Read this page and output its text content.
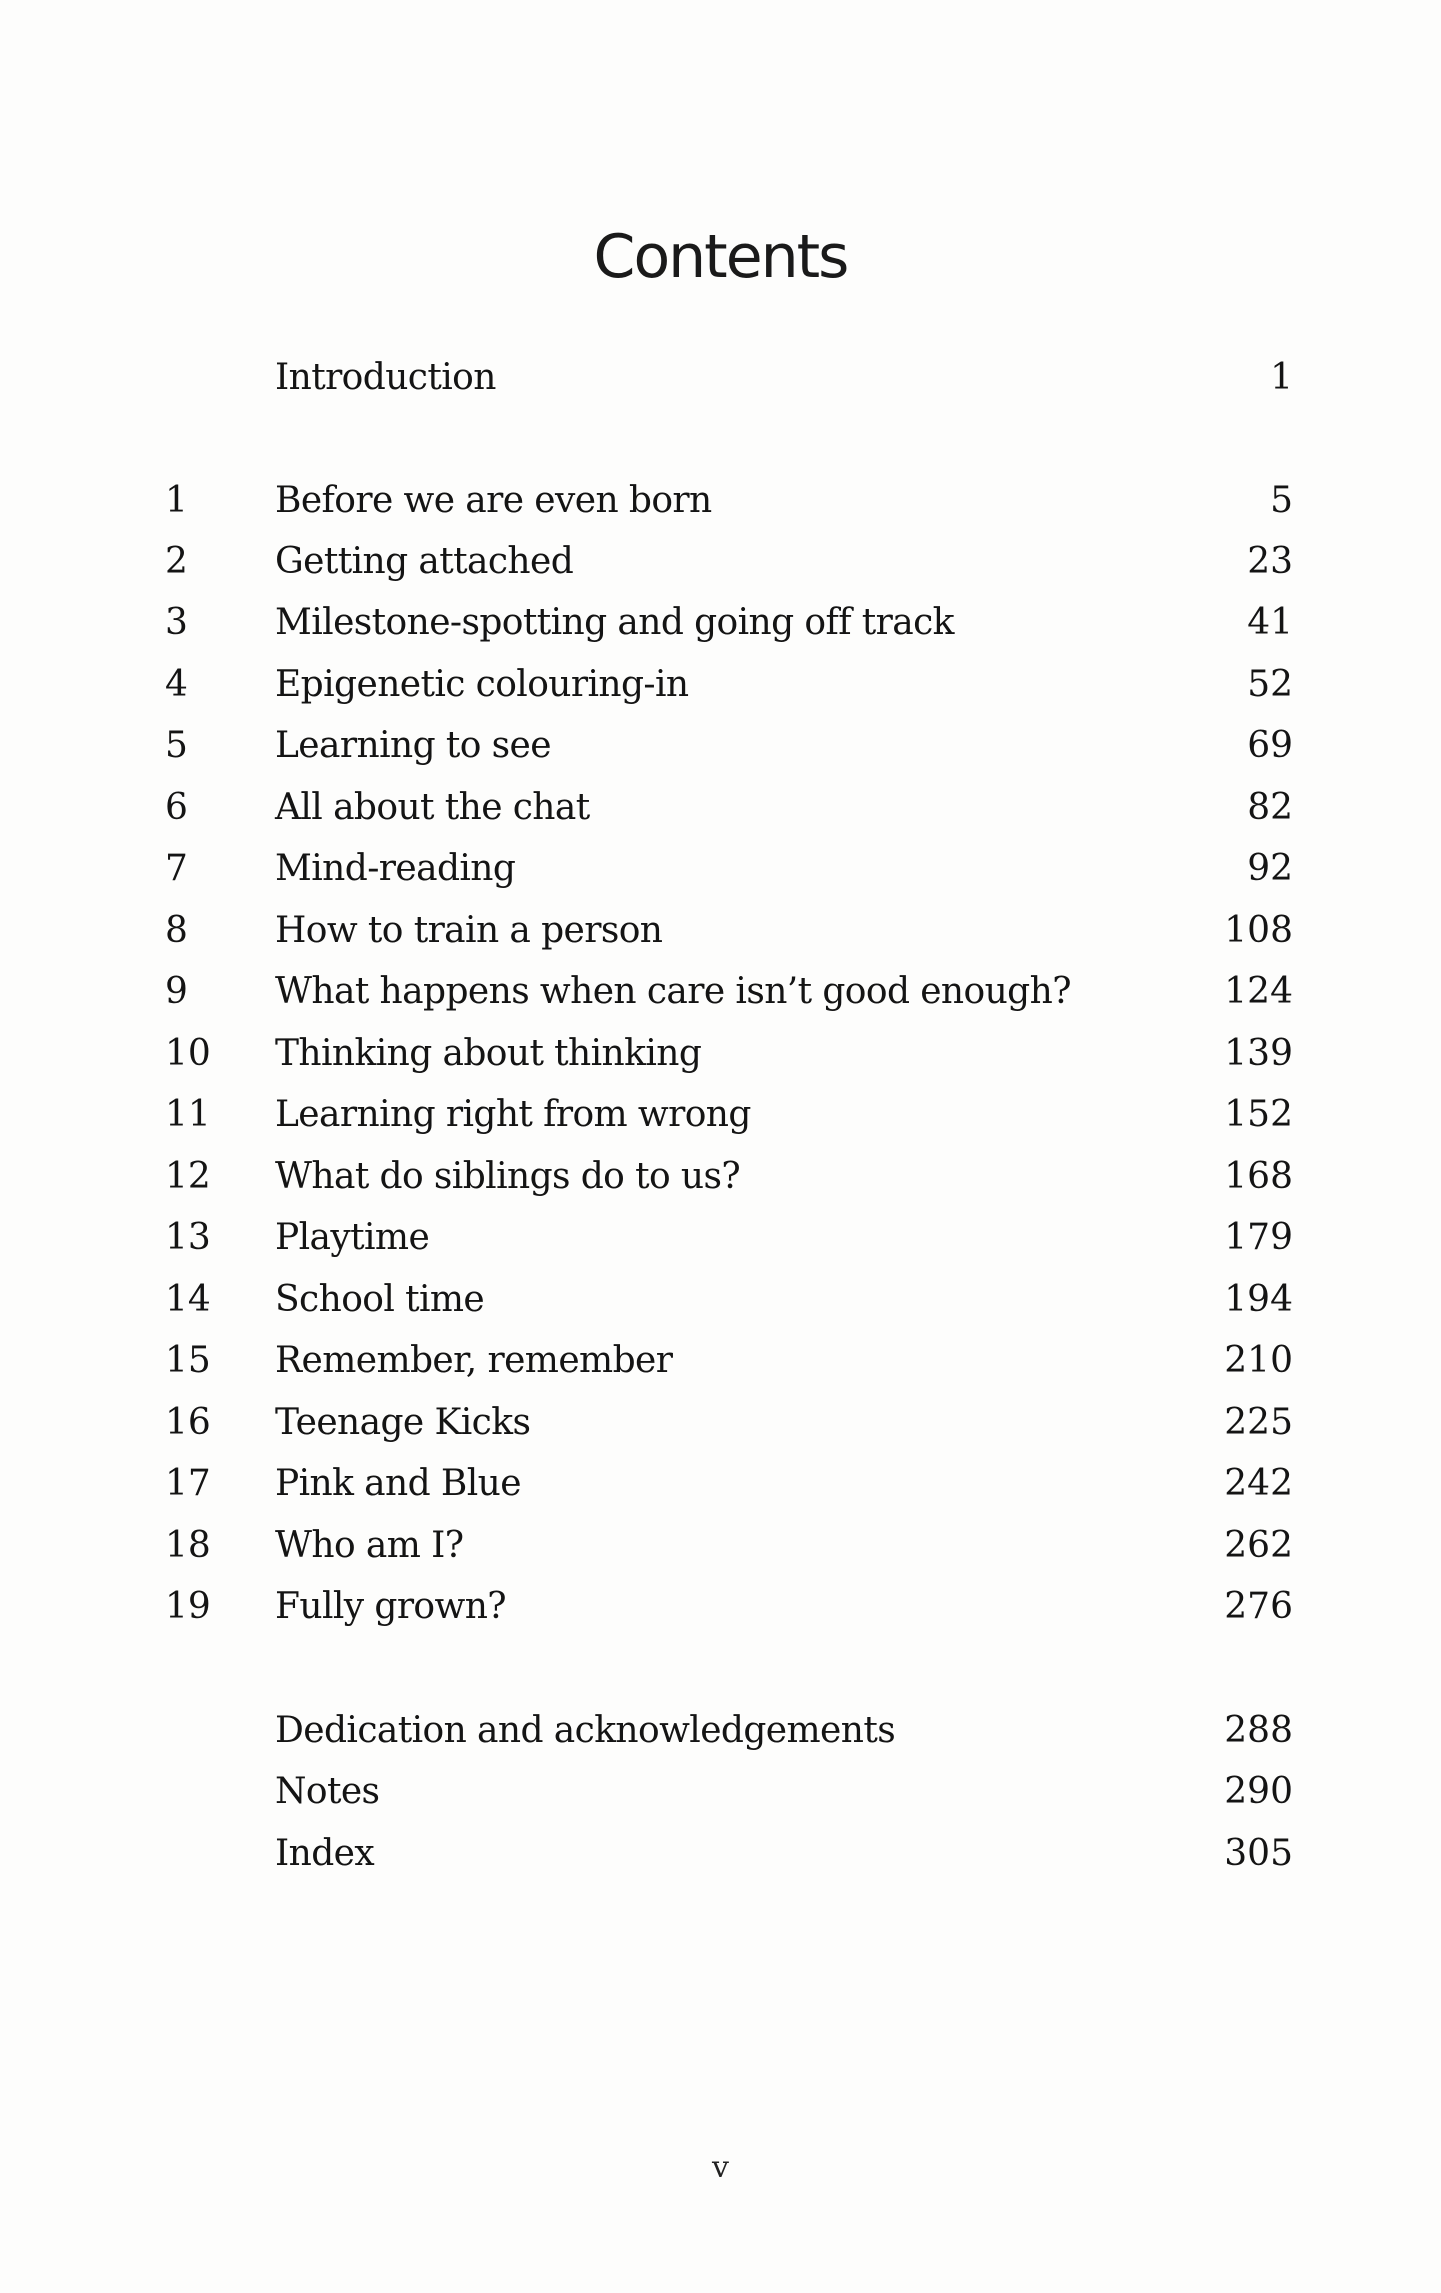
Contents
Introduction	1
1	Before we are even born	5
2	Getting attached	23
3	Milestone-spotting and going off track	41
4	Epigenetic colouring-in	52
5	Learning to see	69
6	All about the chat	82
7	Mind-reading	92
8	How to train a person	108
9	What happens when care isn’t good enough?	124
10	Thinking about thinking	139
11	Learning right from wrong	152
12	What do siblings do to us?	168
13	Playtime	179
14	School time	194
15	Remember, remember	210
16	Teenage Kicks	225
17	Pink and Blue	242
18	Who am I?	262
19	Fully grown?	276
Dedication and acknowledgements	288
Notes	290
Index	305
v
